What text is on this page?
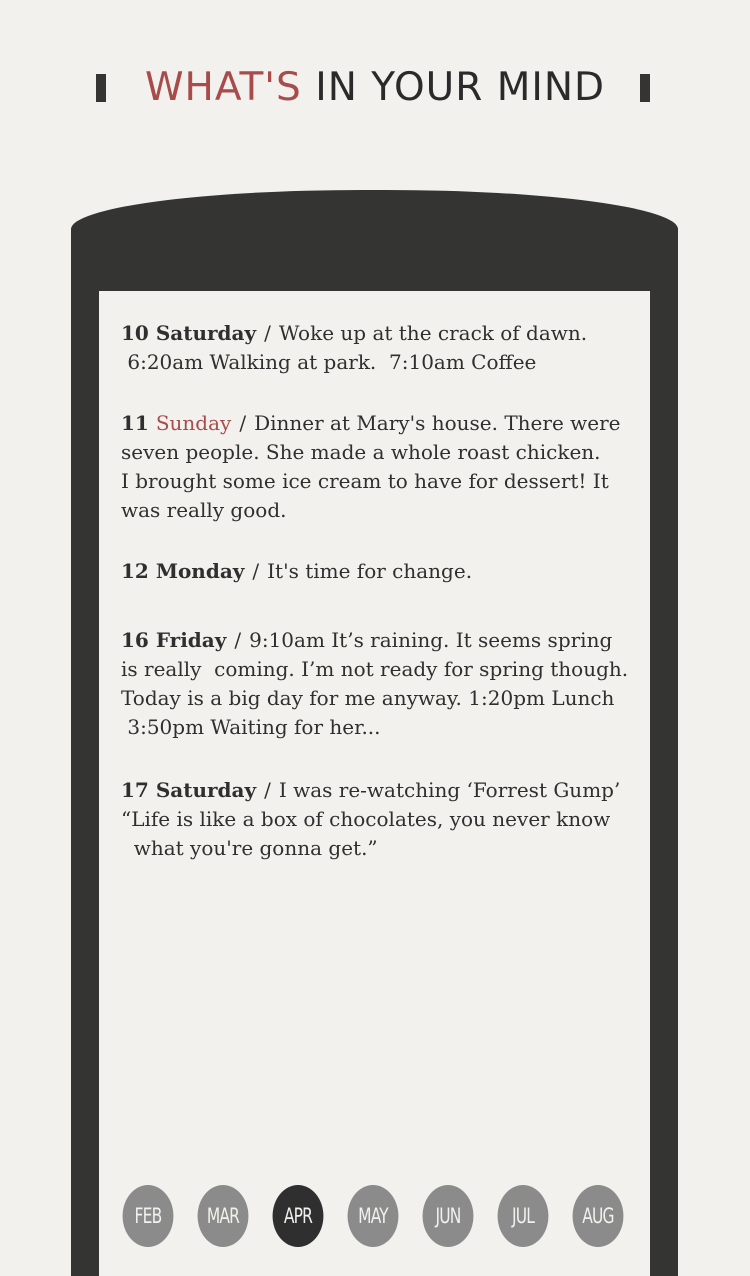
WHAT'S IN YOUR MIND
10 Saturday / Woke up at the crack of dawn.
6:20am Walking at park.  7:10am Coffee
11 Sunday / Dinner at Mary's house. There were
seven people. She made a whole roast chicken.
I brought some ice cream to have for dessert! It
was really good.
12 Monday / It's time for change.
16 Friday / 9:10am It’s raining. It seems spring
is really  coming. I’m not ready for spring though.
Today is a big day for me anyway. 1:20pm Lunch
3:50pm Waiting for her...
17 Saturday / I was re-watching ‘Forrest Gump’
“Life is like a box of chocolates, you never know
what you're gonna get.”
FEB	MAR	APR	MAY	JUN	JUL	AUG
